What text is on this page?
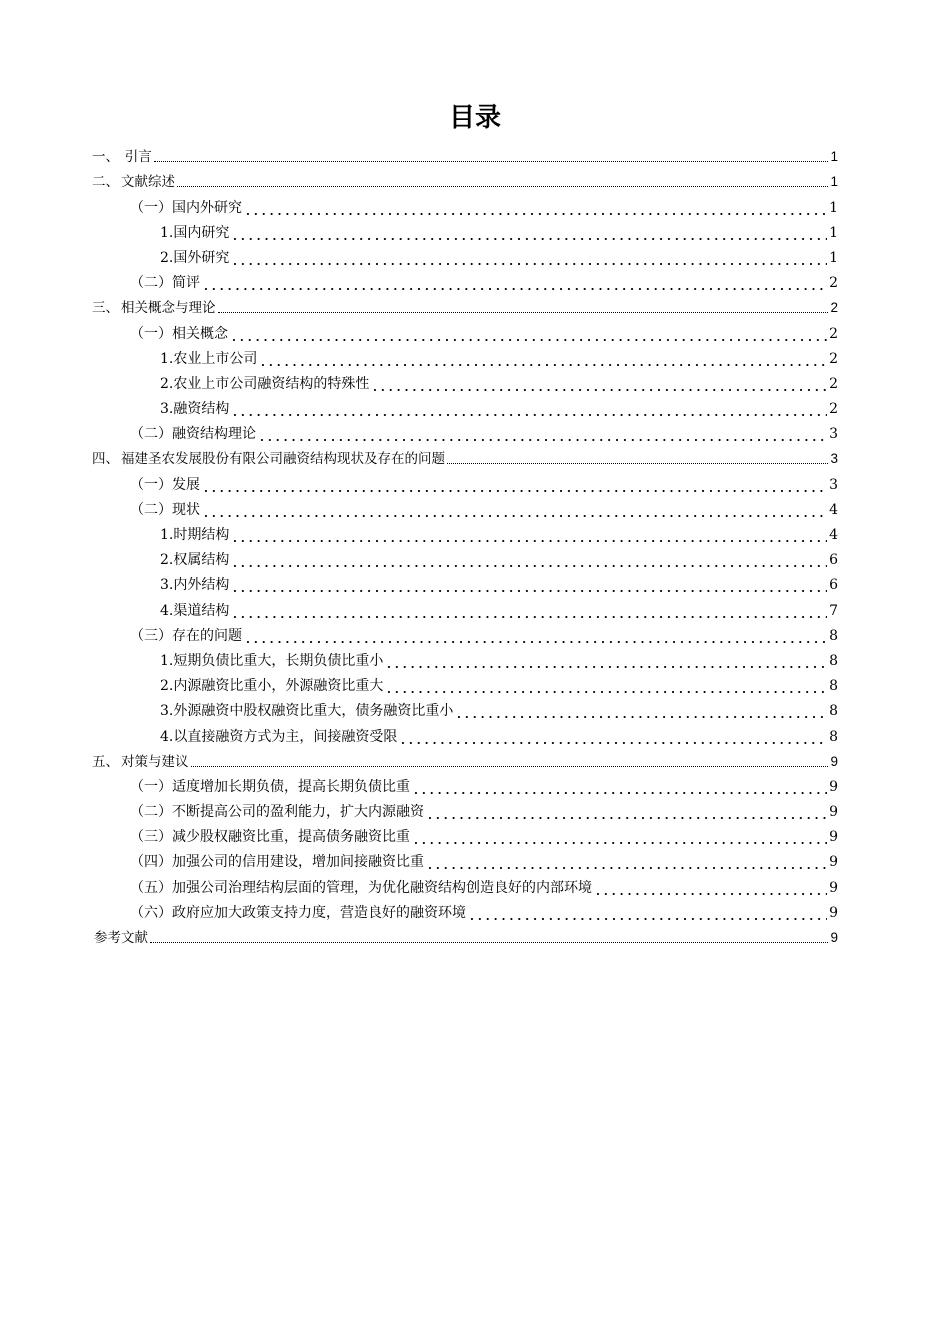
目录
一、 引言	1
二、 文献综述	1
（一）国内外研究	1
1.国内研究	1
2.国外研究	1
（二）简评	2
三、 相关概念与理论	2
（一）相关概念	2
1.农业上市公司	2
2.农业上市公司融资结构的特殊性	2
3.融资结构	2
（二）融资结构理论	3
四、 福建圣农发展股份有限公司融资结构现状及存在的问题	3
（一）发展	3
（二）现状	4
1.时期结构	4
2.权属结构	6
3.内外结构	6
4.渠道结构	7
（三）存在的问题	8
1.短期负债比重大，长期负债比重小	8
2.内源融资比重小，外源融资比重大	8
3.外源融资中股权融资比重大，债务融资比重小	8
4.以直接融资方式为主，间接融资受限	8
五、 对策与建议	9
（一）适度增加长期负债，提高长期负债比重	9
（二）不断提高公司的盈利能力，扩大内源融资	9
（三）减少股权融资比重，提高债务融资比重	9
（四）加强公司的信用建设，增加间接融资比重	9
（五）加强公司治理结构层面的管理，为优化融资结构创造良好的内部环境	9
（六）政府应加大政策支持力度，营造良好的融资环境	9
参考文献	9
